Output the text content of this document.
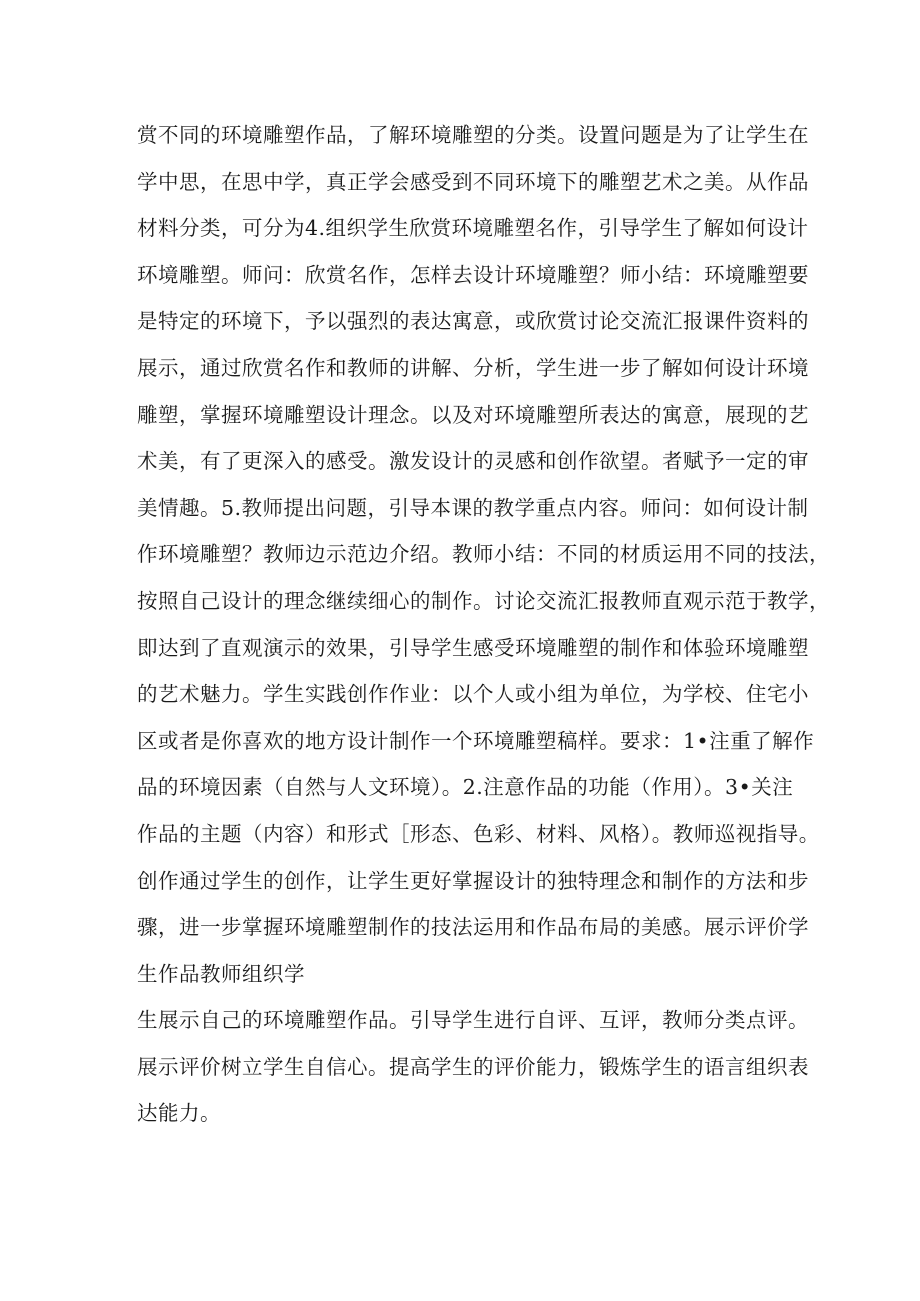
赏不同的环境雕塑作品，了解环境雕塑的分类。设置问题是为了让学生在
学中思，在思中学，真正学会感受到不同环境下的雕塑艺术之美。从作品
材料分类，可分为4.组织学生欣赏环境雕塑名作，引导学生了解如何设计
环境雕塑。师问：欣赏名作，怎样去设计环境雕塑？师小结：环境雕塑要
是特定的环境下，予以强烈的表达寓意，或欣赏讨论交流汇报课件资料的
展示，通过欣赏名作和教师的讲解、分析，学生进一步了解如何设计环境
雕塑，掌握环境雕塑设计理念。以及对环境雕塑所表达的寓意，展现的艺
术美，有了更深入的感受。激发设计的灵感和创作欲望。者赋予一定的审
美情趣。5.教师提出问题，引导本课的教学重点内容。师问：如何设计制
作环境雕塑？教师边示范边介绍。教师小结：不同的材质运用不同的技法，
按照自己设计的理念继续细心的制作。讨论交流汇报教师直观示范于教学，
即达到了直观演示的效果，引导学生感受环境雕塑的制作和体验环境雕塑
的艺术魅力。学生实践创作作业：以个人或小组为单位，为学校、住宅小
区或者是你喜欢的地方设计制作一个环境雕塑稿样。要求：1•注重了解作
品的环境因素（自然与人文环境）。2.注意作品的功能（作用）。3•关注
作品的主题（内容）和形式［形态、色彩、材料、风格）。教师巡视指导。
创作通过学生的创作，让学生更好掌握设计的独特理念和制作的方法和步
骤，进一步掌握环境雕塑制作的技法运用和作品布局的美感。展示评价学
生作品教师组织学
生展示自己的环境雕塑作品。引导学生进行自评、互评，教师分类点评。
展示评价树立学生自信心。提高学生的评价能力，锻炼学生的语言组织表
达能力。
